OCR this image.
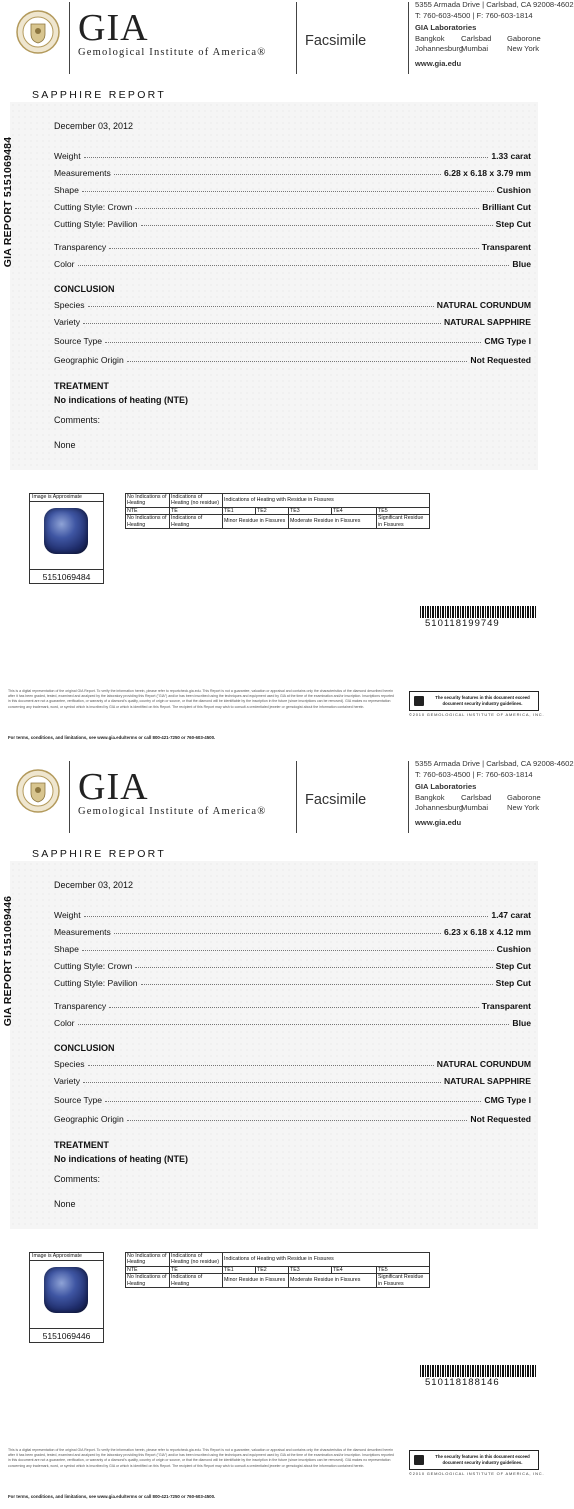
GIA
Gemological Institute of America®
Facsimile
5355 Armada Drive | Carlsbad, CA 92008-4602
T: 760-603-4500 | F: 760-603-1814
GIA Laboratories
Bangkok	Carlsbad	Gaborone
Johannesburg
Mumbai	New York
www.gia.edu
SAPPHIRE REPORT
GIA REPORT 5151069484
December 03, 2012
Weight	1.33 carat
Measurements	6.28 x 6.18 x 3.79 mm
Shape	Cushion
Cutting Style: Crown	Brilliant Cut
Cutting Style: Pavilion	Step Cut
Transparency	Transparent
Color	Blue
CONCLUSION
Species	NATURAL CORUNDUM
Variety	NATURAL SAPPHIRE
Source Type	CMG Type I
Geographic Origin	Not Requested
TREATMENT
No indications of heating (NTE)
Comments:
None
Image is Approximate
5151069484
No Indications of Heating	Indications of Heating (no residue)	Indications of Heating with Residue in Fissures				
NTE	TE	TE1	TE2	TE3	TE4	TE5
No Indications of Heating	Indications of Heating	Minor Residue in Fissures		Moderate Residue in Fissures		Significant Residue in Fissures
510118199749
This is a digital representation of the original GIA Report. To verify the information herein, please refer to reportcheck.gia.edu. This Report is not a guarantee, valuation or appraisal and contains only the characteristics of the diamond described herein after it has been graded, tested, examined and analyzed by the laboratory providing this Report ("GIA") and/or has been inscribed using the techniques and equipment used by GIA at the time of the examination and/or inscription. Inscriptions reported in this document are not a guarantee, verification, or warranty of a diamond's quality, country of origin or source, or that the diamond will be identifiable by the inscription in the future (since inscriptions can be removed). GIA makes no representation concerning any trademark, word, or symbol which is inscribed by GIA or which is identified on this Report. The recipient of this Report may wish to consult a credentialed jeweler or gemologist about the information contained herein.
For terms, conditions, and limitations, see www.gia.edu/terms or call 800-421-7250 or 760-603-4500.
The security features in this document exceed document security industry guidelines.
©2010 GEMOLOGICAL INSTITUTE OF AMERICA, INC.
GIA
Gemological Institute of America®
Facsimile
5355 Armada Drive | Carlsbad, CA 92008-4602
T: 760-603-4500 | F: 760-603-1814
GIA Laboratories
Bangkok	Carlsbad	Gaborone
Johannesburg
Mumbai	New York
www.gia.edu
SAPPHIRE REPORT
GIA REPORT 5151069446
December 03, 2012
Weight	1.47 carat
Measurements	6.23 x 6.18 x 4.12 mm
Shape	Cushion
Cutting Style: Crown	Step Cut
Cutting Style: Pavilion	Step Cut
Transparency	Transparent
Color	Blue
CONCLUSION
Species	NATURAL CORUNDUM
Variety	NATURAL SAPPHIRE
Source Type	CMG Type I
Geographic Origin	Not Requested
TREATMENT
No indications of heating (NTE)
Comments:
None
Image is Approximate
5151069446
No Indications of Heating	Indications of Heating (no residue)	Indications of Heating with Residue in Fissures				
NTE	TE	TE1	TE2	TE3	TE4	TE5
No Indications of Heating	Indications of Heating	Minor Residue in Fissures		Moderate Residue in Fissures		Significant Residue in Fissures
510118188146
This is a digital representation of the original GIA Report. To verify the information herein, please refer to reportcheck.gia.edu. This Report is not a guarantee, valuation or appraisal and contains only the characteristics of the diamond described herein after it has been graded, tested, examined and analyzed by the laboratory providing this Report ("GIA") and/or has been inscribed using the techniques and equipment used by GIA at the time of the examination and/or inscription. Inscriptions reported in this document are not a guarantee, verification, or warranty of a diamond's quality, country of origin or source, or that the diamond will be identifiable by the inscription in the future (since inscriptions can be removed). GIA makes no representation concerning any trademark, word, or symbol which is inscribed by GIA or which is identified on this Report. The recipient of this Report may wish to consult a credentialed jeweler or gemologist about the information contained herein.
For terms, conditions, and limitations, see www.gia.edu/terms or call 800-421-7250 or 760-603-4500.
The security features in this document exceed document security industry guidelines.
©2010 GEMOLOGICAL INSTITUTE OF AMERICA, INC.
